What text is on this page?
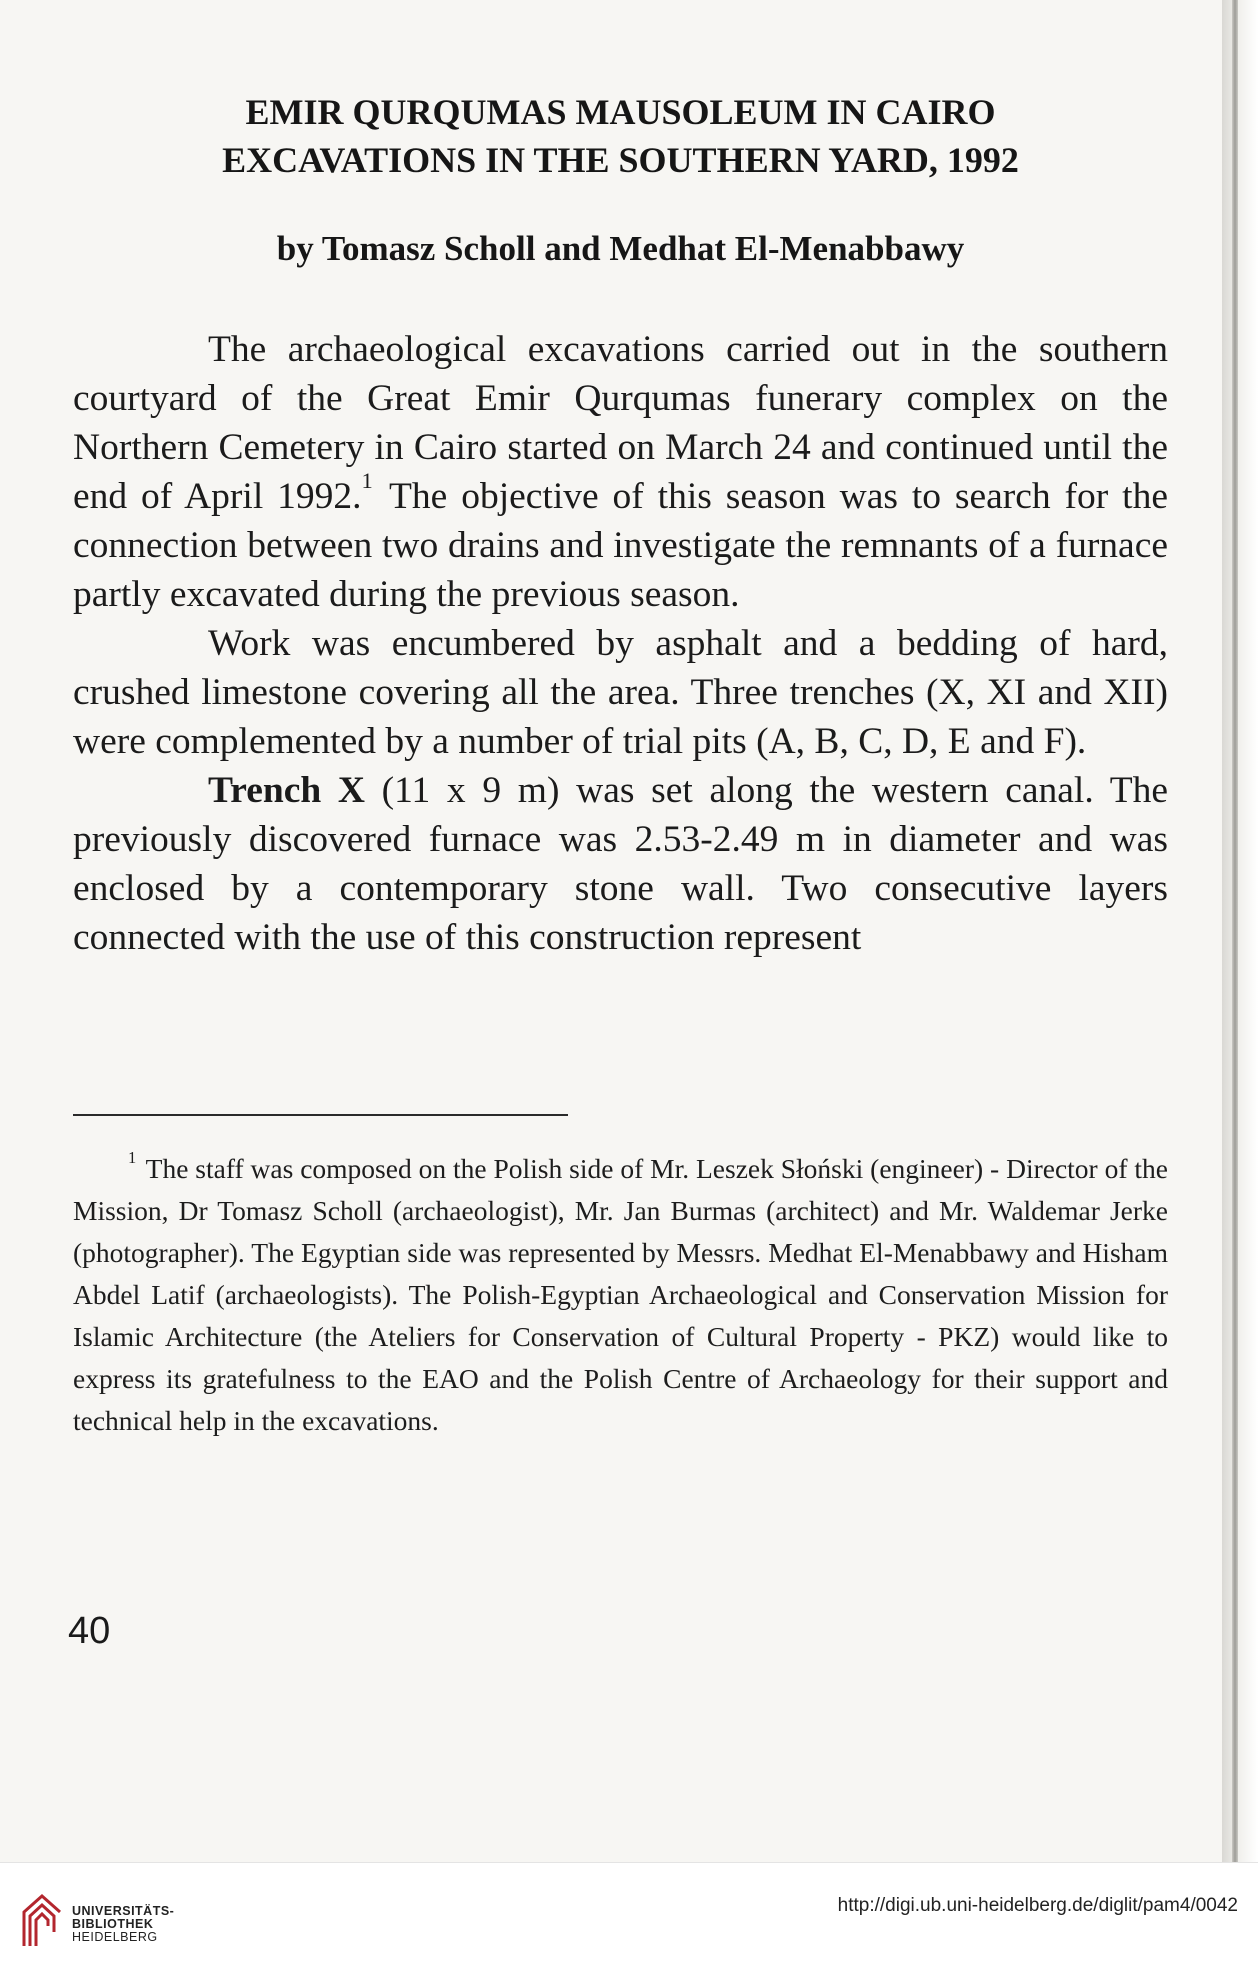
EMIR QURQUMAS MAUSOLEUM IN CAIRO
EXCAVATIONS IN THE SOUTHERN YARD, 1992
by Tomasz Scholl and Medhat El-Menabbawy

The archaeological excavations carried out in the southern courtyard of the Great Emir Qurqumas funerary complex on the Northern Cemetery in Cairo started on March 24 and continued until the end of April 1992.$^1$ The objective of this season was to search for the connection between two drains and investigate the remnants of a furnace partly excavated during the previous season.

Work was encumbered by asphalt and a bedding of hard, crushed limestone covering all the area. Three trenches (X, XI and XII) were complemented by a number of trial pits (A, B, C, D, E and F).

Trench X (11 x 9 m) was set along the western canal. The previously discovered furnace was 2.53-2.49 m in diameter and was enclosed by a contemporary stone wall. Two consecutive layers connected with the use of this construction represent

$^1$ The staff was composed on the Polish side of Mr. Leszek Słoński (engineer) - Director of the Mission, Dr Tomasz Scholl (archaeologist), Mr. Jan Burmas (architect) and Mr. Waldemar Jerke (photographer). The Egyptian side was represented by Messrs. Medhat El-Menabbawy and Hisham Abdel Latif (archaeologists). The Polish-Egyptian Archaeological and Conservation Mission for Islamic Architecture (the Ateliers for Conservation of Cultural Property - PKZ) would like to express its gratefulness to the EAO and the Polish Centre of Archaeology for their support and technical help in the excavations.

40
UNIVERSITÄTS-
BIBLIOTHEK
HEIDELBERG
http://digi.ub.uni-heidelberg.de/diglit/pam4/0042
